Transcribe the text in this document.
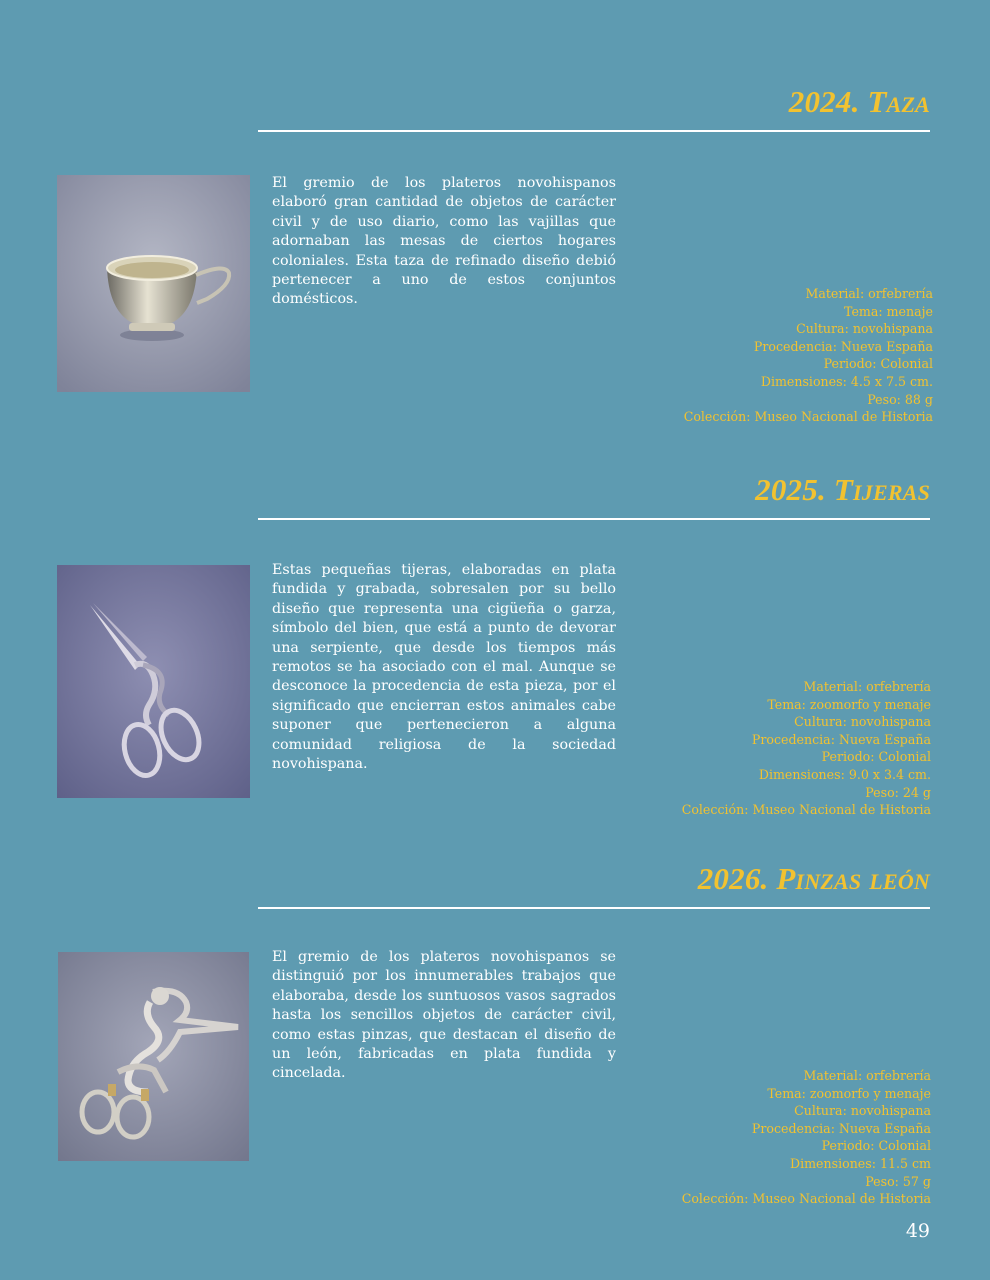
2024. Taza

El gremio de los plateros novohispanos elaboró gran cantidad de objetos de carácter civil y de uso diario, como las vajillas que adornaban las mesas de ciertos hogares coloniales. Esta taza de refinado diseño debió pertenecer a uno de estos conjuntos domésticos.	Material: orfebrería
Tema: menaje
Cultura: novohispana
Procedencia: Nueva España
Periodo: Colonial
Dimensiones: 4.5 x 7.5 cm.
Peso: 88 g
Colección: Museo Nacional de Historia
2025. Tijeras

Estas pequeñas tijeras, elaboradas en plata fundida y grabada, sobresalen por su bello diseño que representa una cigüeña o garza, símbolo del bien, que está a punto de devorar una serpiente, que desde los tiempos más remotos se ha asociado con el mal. Aunque se desconoce la procedencia de esta pieza, por el significado que encierran estos animales cabe suponer que pertenecieron a alguna comunidad religiosa de la sociedad novohispana.

Material: orfebrería
Tema: zoomorfo y menaje
Cultura: novohispana
Procedencia: Nueva España
Periodo: Colonial
Dimensiones: 9.0 x 3.4 cm.
Peso: 24 g
Colección: Museo Nacional de Historia
2026. Pinzas león

El gremio de los plateros novohispanos se distinguió por los innumerables trabajos que elaboraba, desde los suntuosos vasos sagrados hasta los sencillos objetos de carácter civil, como estas pinzas, que destacan el diseño de un león, fabricadas en plata fundida y cincelada.	Material: orfebrería
Tema: zoomorfo y menaje
Cultura: novohispana
Procedencia: Nueva España
Periodo: Colonial
Dimensiones: 11.5 cm
Peso: 57 g
Colección: Museo Nacional de Historia
49
